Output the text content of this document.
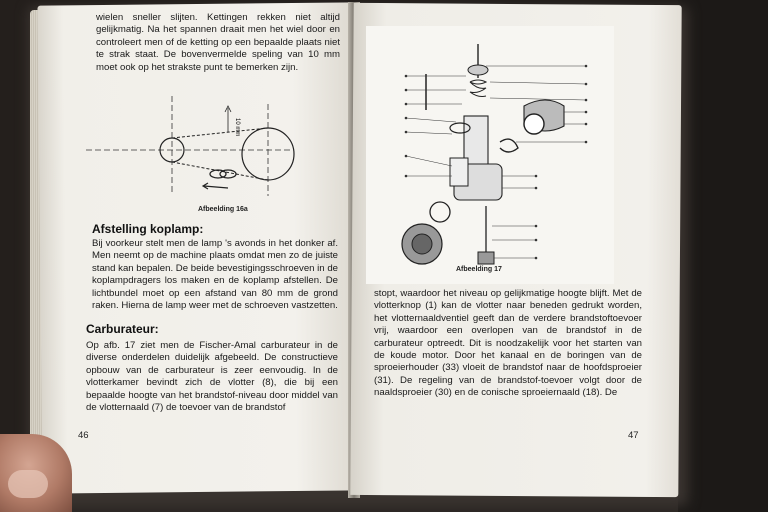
wielen sneller slijten. Kettingen rekken niet altijd gelijkmatig. Na het spannen draait men het wiel door en controleert men of de ketting op een bepaalde plaats niet te strak staat. De bovenvermelde speling van 10 mm moet ook op het strakste punt te bemerken zijn.

10 mm
Afbeelding 16a
Afstelling koplamp:

Bij voorkeur stelt men de lamp 's avonds in het donker af. Men neemt op de machine plaats omdat men zo de juiste stand kan bepalen. De beide bevestigingsschroeven in de koplampdragers los maken en de koplamp afstellen. De lichtbundel moet op een afstand van 80 mm de grond raken. Hierna de lamp weer met de schroeven vastzetten.

Carburateur:

Op afb. 17 ziet men de Fischer-Amal carburateur in de diverse onderdelen duidelijk afgebeeld. De constructieve opbouw van de carburateur is zeer eenvoudig. In de vlotterkamer bevindt zich de vlotter (8), die bij een bepaalde hoogte van het brandstof-niveau door middel van de vlotternaald (7) de toevoer van de brandstof

46
Afbeelding 17

stopt, waardoor het niveau op gelijkmatige hoogte blijft. Met de vlotterknop (1) kan de vlotter naar beneden gedrukt worden, het vlotternaaldventiel geeft dan de verdere brandstoftoevoer vrij, waardoor een overlopen van de brandstof in de carburateur optreedt. Dit is noodzakelijk voor het starten van de koude motor. Door het kanaal en de boringen van de sproeierhouder (33) vloeit de brandstof naar de hoofdsproeier (31). De regeling van de brandstof-toevoer volgt door de naaldsproeier (30) en de conische sproeiernaald (18). De

47
